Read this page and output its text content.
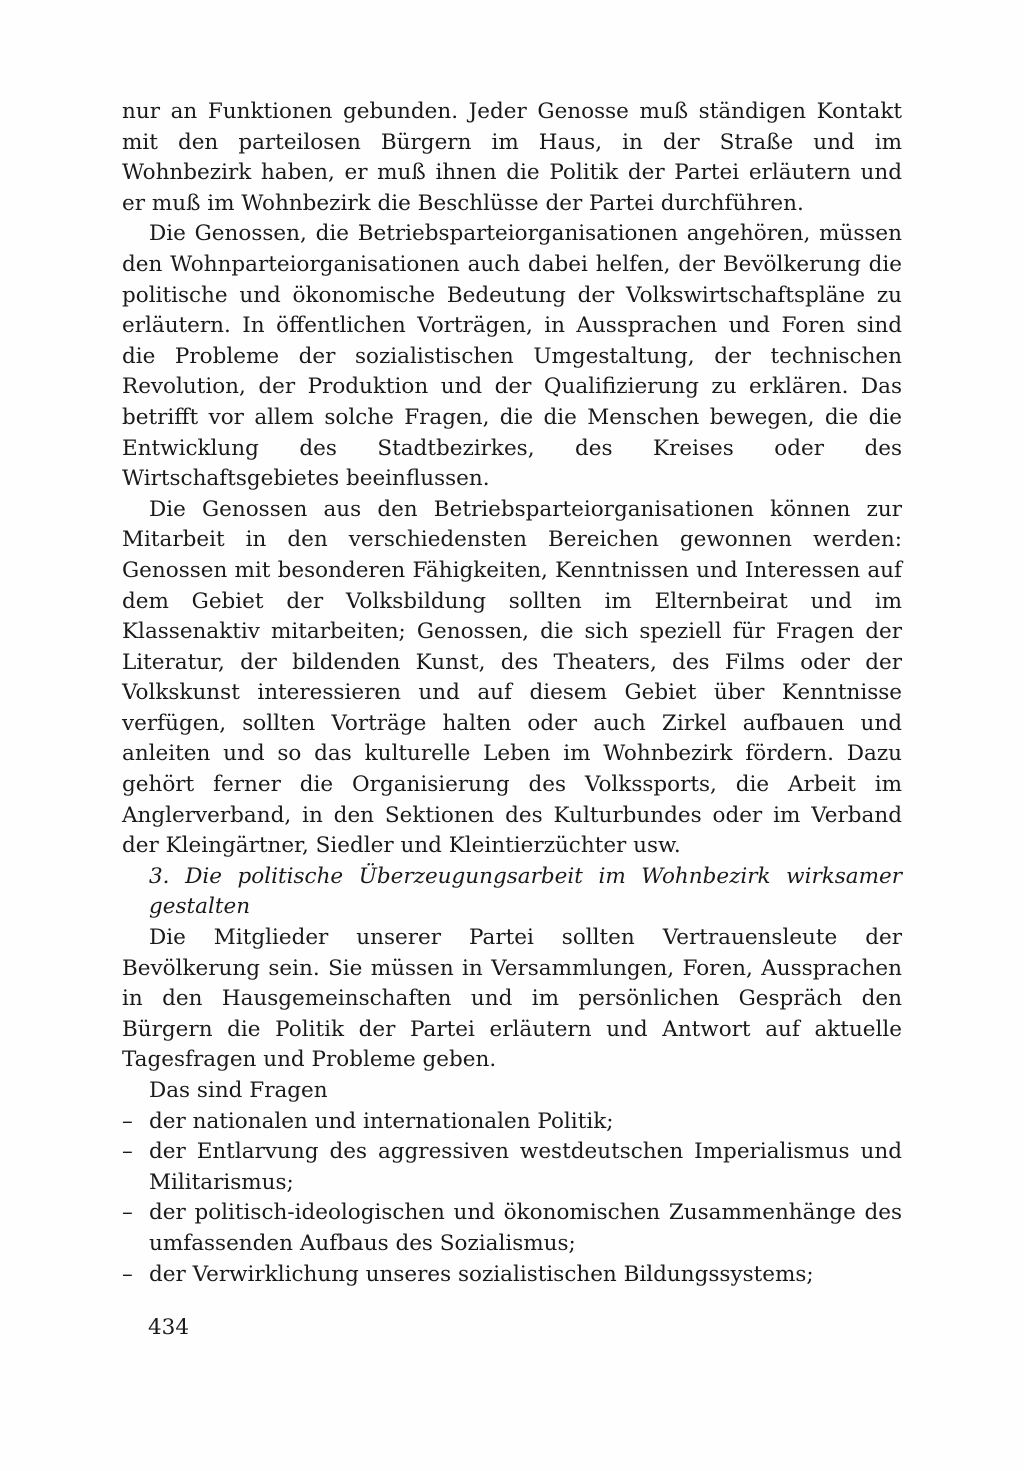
nur an Funktionen gebunden. Jeder Genosse muß ständigen Kontakt mit den parteilosen Bürgern im Haus, in der Straße und im Wohnbezirk haben, er muß ihnen die Politik der Partei erläutern und er muß im Wohnbezirk die Beschlüsse der Partei durchführen.

Die Genossen, die Betriebsparteiorganisationen angehören, müssen den Wohnparteiorganisationen auch dabei helfen, der Bevölkerung die politische und ökonomische Bedeutung der Volkswirtschaftspläne zu erläutern. In öffentlichen Vorträgen, in Aussprachen und Foren sind die Probleme der sozialistischen Umgestaltung, der technischen Revolution, der Produktion und der Qualifizierung zu erklären. Das betrifft vor allem solche Fragen, die die Menschen bewegen, die die Entwicklung des Stadtbezirkes, des Kreises oder des Wirtschaftsgebietes beeinflussen.

Die Genossen aus den Betriebsparteiorganisationen können zur Mitarbeit in den verschiedensten Bereichen gewonnen werden: Genossen mit besonderen Fähigkeiten, Kenntnissen und Interessen auf dem Gebiet der Volksbildung sollten im Elternbeirat und im Klassenaktiv mitarbeiten; Genossen, die sich speziell für Fragen der Literatur, der bildenden Kunst, des Theaters, des Films oder der Volkskunst interessieren und auf diesem Gebiet über Kenntnisse verfügen, sollten Vorträge halten oder auch Zirkel aufbauen und anleiten und so das kulturelle Leben im Wohnbezirk fördern. Dazu gehört ferner die Organisierung des Volkssports, die Arbeit im Anglerverband, in den Sektionen des Kulturbundes oder im Verband der Kleingärtner, Siedler und Kleintierzüchter usw.

3. Die politische Überzeugungsarbeit im Wohnbezirk wirksamer gestalten

Die Mitglieder unserer Partei sollten Vertrauensleute der Bevölkerung sein. Sie müssen in Versammlungen, Foren, Aussprachen in den Hausgemeinschaften und im persönlichen Gespräch den Bürgern die Politik der Partei erläutern und Antwort auf aktuelle Tagesfragen und Probleme geben.

Das sind Fragen

– der nationalen und internationalen Politik;
– der Entlarvung des aggressiven westdeutschen Imperialismus und Militarismus;
– der politisch-ideologischen und ökonomischen Zusammenhänge des umfassenden Aufbaus des Sozialismus;
– der Verwirklichung unseres sozialistischen Bildungssystems;
434
